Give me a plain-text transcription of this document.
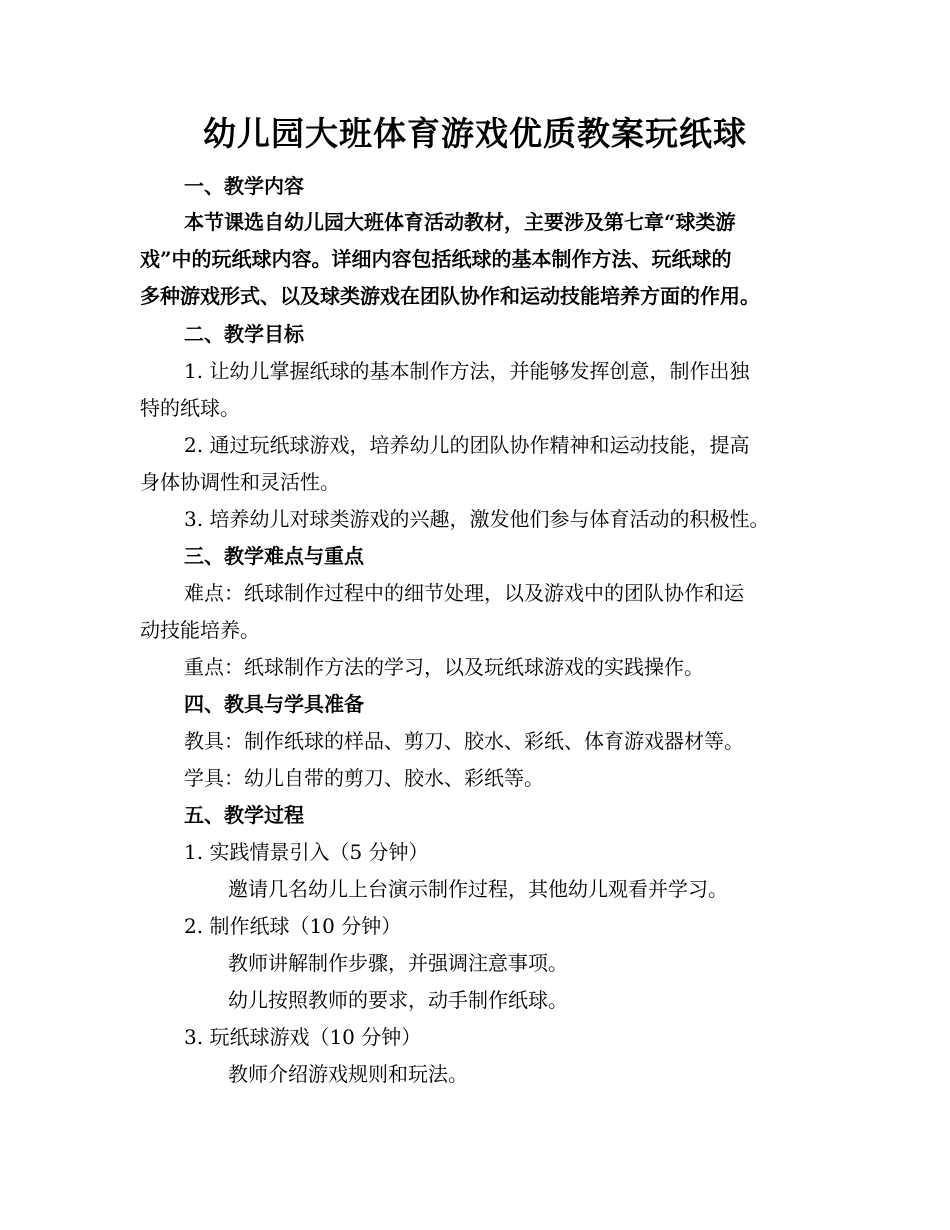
幼儿园大班体育游戏优质教案玩纸球
一、教学内容
本节课选自幼儿园大班体育活动教材，主要涉及第七章“球类游
戏”中的玩纸球内容。详细内容包括纸球的基本制作方法、玩纸球的
多种游戏形式、以及球类游戏在团队协作和运动技能培养方面的作用。
二、教学目标
1. 让幼儿掌握纸球的基本制作方法，并能够发挥创意，制作出独
特的纸球。
2. 通过玩纸球游戏，培养幼儿的团队协作精神和运动技能，提高
身体协调性和灵活性。
3. 培养幼儿对球类游戏的兴趣，激发他们参与体育活动的积极性。
三、教学难点与重点
难点：纸球制作过程中的细节处理，以及游戏中的团队协作和运
动技能培养。
重点：纸球制作方法的学习，以及玩纸球游戏的实践操作。
四、教具与学具准备
教具：制作纸球的样品、剪刀、胶水、彩纸、体育游戏器材等。
学具：幼儿自带的剪刀、胶水、彩纸等。
五、教学过程
1. 实践情景引入（5 分钟）
邀请几名幼儿上台演示制作过程，其他幼儿观看并学习。
2. 制作纸球（10 分钟）
教师讲解制作步骤，并强调注意事项。
幼儿按照教师的要求，动手制作纸球。
3. 玩纸球游戏（10 分钟）
教师介绍游戏规则和玩法。
